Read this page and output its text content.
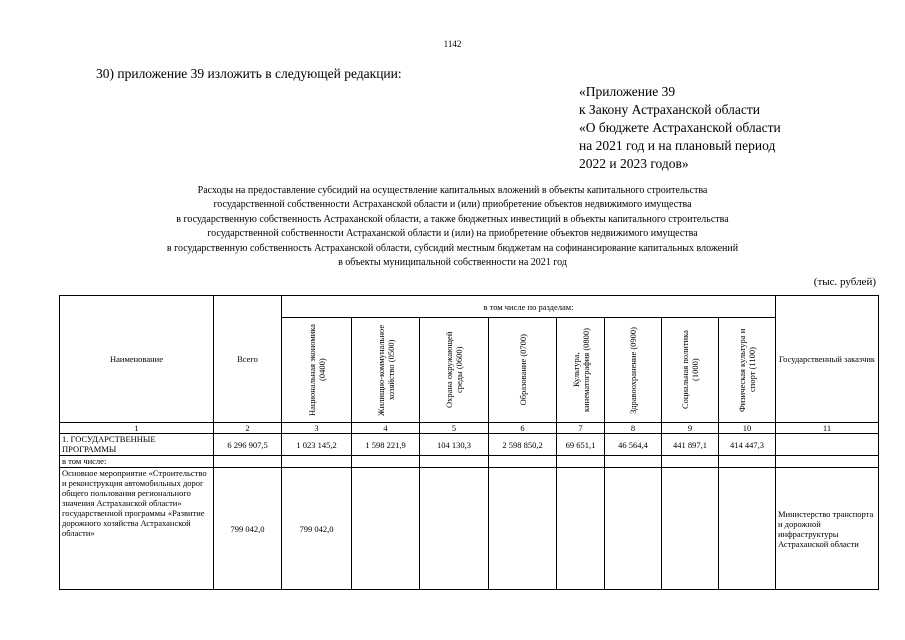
1142
30) приложение 39 изложить в следующей редакции:
«Приложение 39
к Закону Астраханской области
«О бюджете Астраханской области
на 2021 год и на плановый период
2022 и 2023 годов»
Расходы на предоставление субсидий на осуществление капитальных вложений в объекты капитального строительства
государственной собственности Астраханской области и (или) приобретение объектов недвижимого имущества
в государственную собственность Астраханской области, а также бюджетных инвестиций в объекты капитального строительства
государственной собственности Астраханской области и (или) на приобретение объектов недвижимого имущества
в государственную собственность Астраханской области, субсидий местным бюджетам на софинансирование капитальных вложений
в объекты муниципальной собственности на 2021 год
(тыс. рублей)
Наименование	Всего	в том числе по разделам:								Государственный заказчик

		Национальная экономика (0400)	Жилищно-коммунальное хозяйство (0500)	Охрана окружающей среды (0600)	Образование (0700)	Культура, кинематография (0800)	Здравоохранение (0900)	Социальная политика (1000)	Физическая культура и спорт (1100)	

1	2	3	4	5	6	7	8	9	10	11
1. ГОСУДАРСТВЕННЫЕ ПРОГРАММЫ	6 296 907,5	1 023 145,2	1 598 221,9	104 130,3	2 598 850,2	69 651,1	46 564,4	441 897,1	414 447,3	
в том числе:										
Основное мероприятие «Строительство и реконструкция автомобильных дорог общего пользования регионального значения Астраханской области» государственной программы «Развитие дорожного хозяйства Астраханской области»	799 042,0	799 042,0								Министерство транспорта и дорожной инфраструктуры Астраханской области
